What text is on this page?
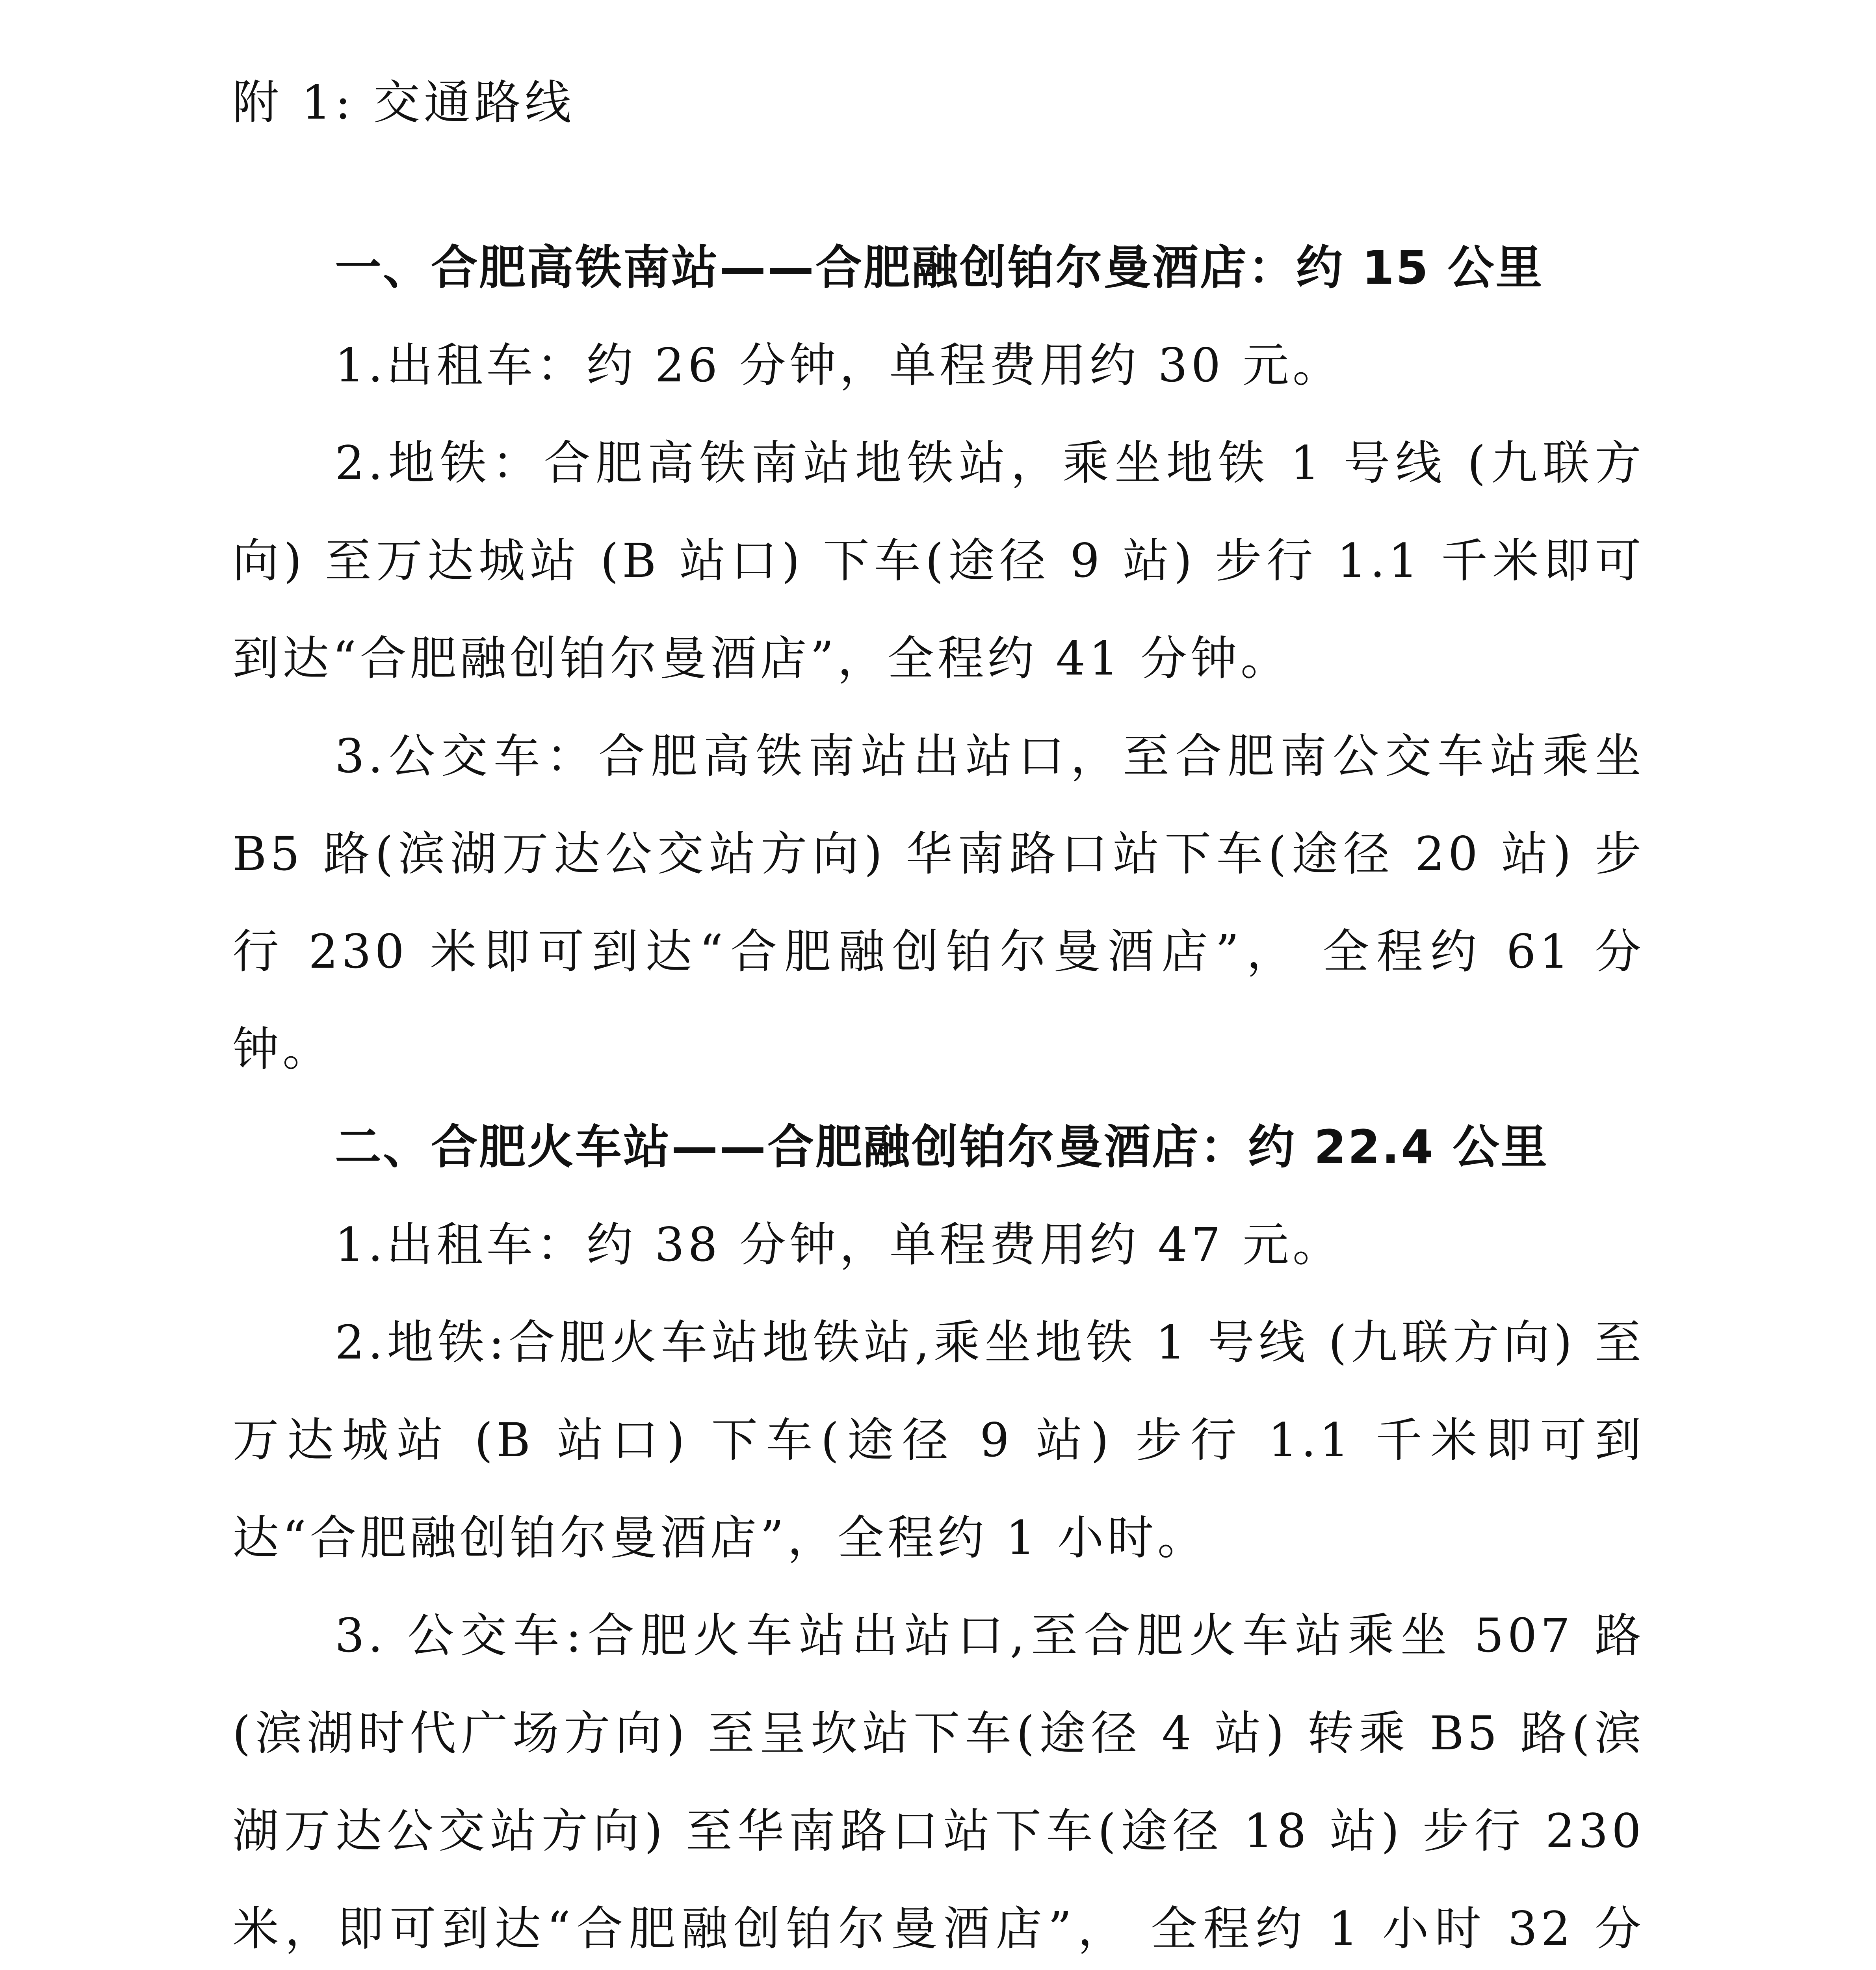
附 1: 交通路线

一、合肥高铁南站——合肥融创铂尔曼酒店：约 15 公里

1.出租车：约 26 分钟，单程费用约 30 元。

2.地铁：合肥高铁南站地铁站，乘坐地铁 1 号线 (九联方向) 至万达城站 (B 站口) 下车(途径 9 站) 步行 1.1 千米即可到达“合肥融创铂尔曼酒店”，全程约 41 分钟。

3.公交车：合肥高铁南站出站口，至合肥南公交车站乘坐 B5 路(滨湖万达公交站方向) 华南路口站下车(途径 20 站) 步行 230 米即可到达“合肥融创铂尔曼酒店”， 全程约 61 分钟。

二、合肥火车站——合肥融创铂尔曼酒店：约 22.4 公里

1.出租车：约 38 分钟，单程费用约 47 元。

2.地铁:合肥火车站地铁站,乘坐地铁 1 号线 (九联方向) 至万达城站 (B 站口) 下车(途径 9 站) 步行 1.1 千米即可到达“合肥融创铂尔曼酒店”，全程约 1 小时。

3. 公交车:合肥火车站出站口,至合肥火车站乘坐 507 路(滨湖时代广场方向) 至呈坎站下车(途径 4 站) 转乘 B5 路(滨湖万达公交站方向) 至华南路口站下车(途径 18 站) 步行 230 米，即可到达“合肥融创铂尔曼酒店”， 全程约 1 小时 32 分
